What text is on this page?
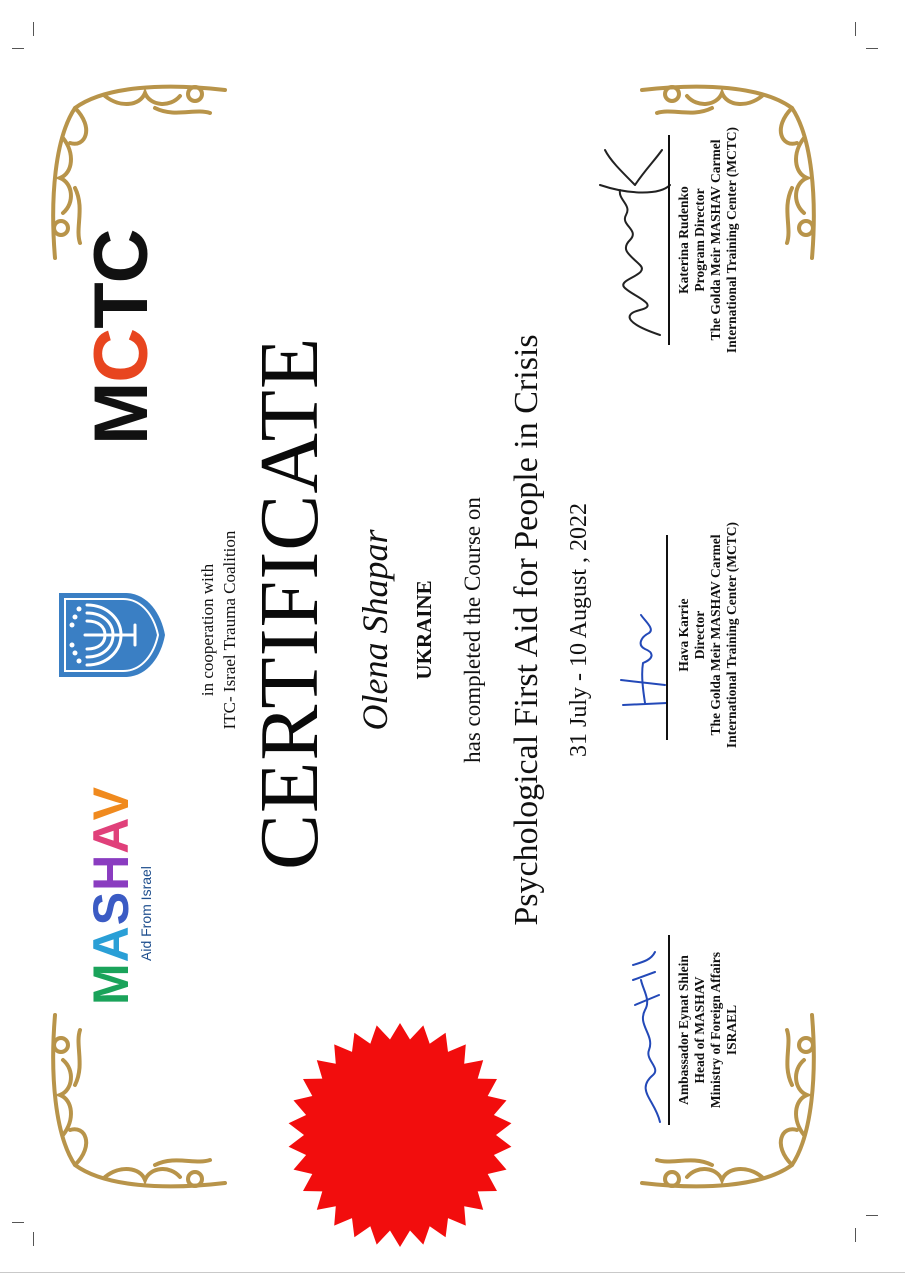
MASHAV
Aid From Israel
MCTC
in cooperation with ITC- Israel Trauma Coalition CERTIFICATE Olena Shapar UKRAINE has completed the Course on Psychological First Aid for People in Crisis 31 July - 10 August , 2022
Ambassador Eynat Shlein Head of MASHAV Ministry of Foreign Affairs ISRAEL
Hava Karrie Director The Golda Meir MASHAV Carmel International Training Center (MCTC)
Katerina Rudenko Program Director The Golda Meir MASHAV Carmel International Training Center (MCTC)
